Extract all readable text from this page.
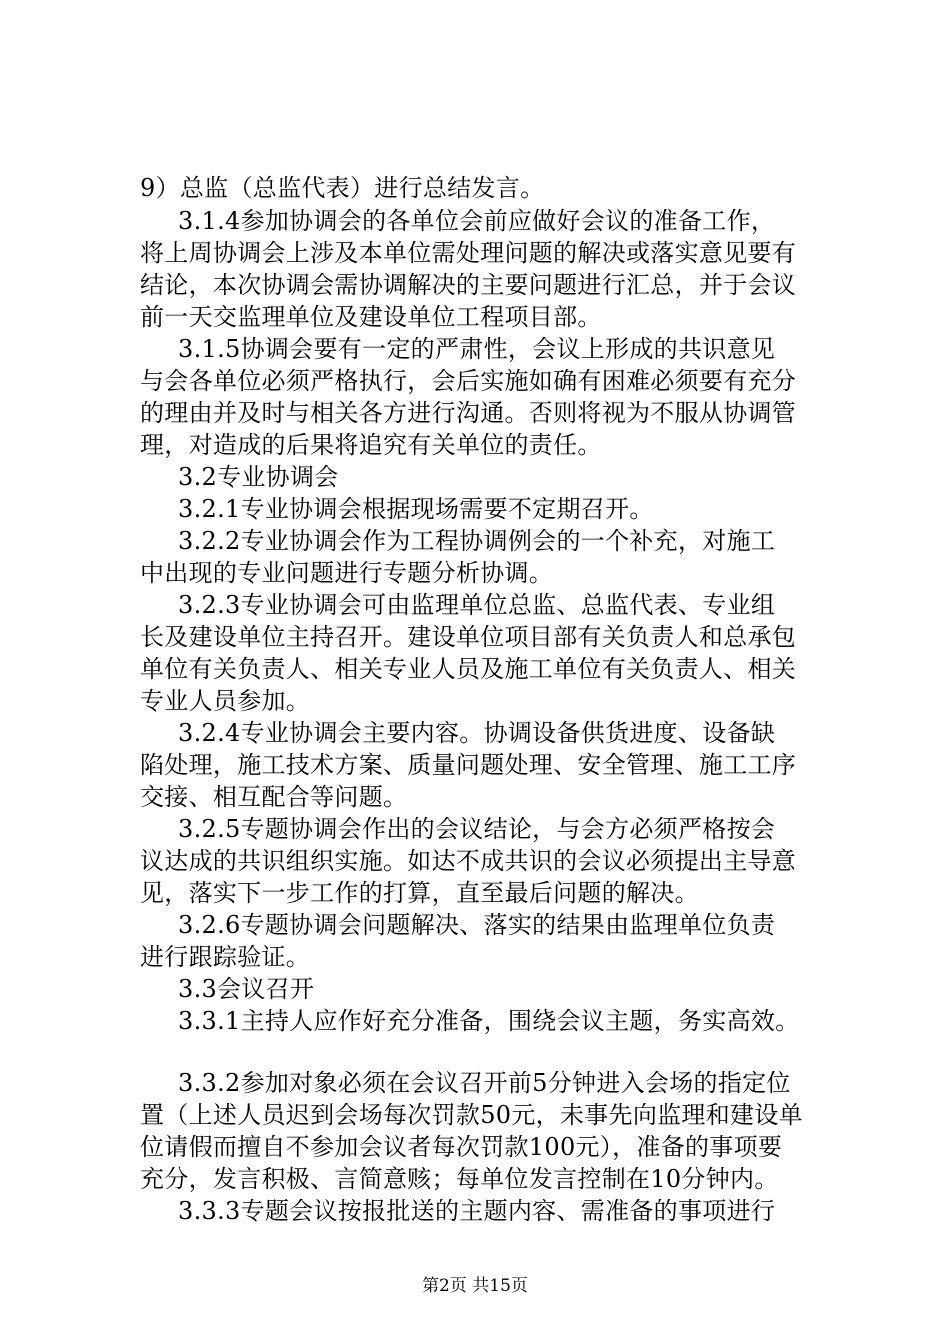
9）总监（总监代表）进行总结发言。
3.1.4参加协调会的各单位会前应做好会议的准备工作，
将上周协调会上涉及本单位需处理问题的解决或落实意见要有
结论，本次协调会需协调解决的主要问题进行汇总，并于会议
前一天交监理单位及建设单位工程项目部。
3.1.5协调会要有一定的严肃性，会议上形成的共识意见
与会各单位必须严格执行，会后实施如确有困难必须要有充分
的理由并及时与相关各方进行沟通。否则将视为不服从协调管
理，对造成的后果将追究有关单位的责任。
3.2专业协调会
3.2.1专业协调会根据现场需要不定期召开。
3.2.2专业协调会作为工程协调例会的一个补充，对施工
中出现的专业问题进行专题分析协调。
3.2.3专业协调会可由监理单位总监、总监代表、专业组
长及建设单位主持召开。建设单位项目部有关负责人和总承包
单位有关负责人、相关专业人员及施工单位有关负责人、相关
专业人员参加。
3.2.4专业协调会主要内容。协调设备供货进度、设备缺
陷处理，施工技术方案、质量问题处理、安全管理、施工工序
交接、相互配合等问题。
3.2.5专题协调会作出的会议结论，与会方必须严格按会
议达成的共识组织实施。如达不成共识的会议必须提出主导意
见，落实下一步工作的打算，直至最后问题的解决。
3.2.6专题协调会问题解决、落实的结果由监理单位负责
进行跟踪验证。
3.3会议召开
3.3.1主持人应作好充分准备，围绕会议主题，务实高效。
3.3.2参加对象必须在会议召开前5分钟进入会场的指定位
置（上述人员迟到会场每次罚款50元，未事先向监理和建设单
位请假而擅自不参加会议者每次罚款100元），准备的事项要
充分，发言积极、言简意赅；每单位发言控制在10分钟内。
3.3.3专题会议按报批送的主题内容、需准备的事项进行
第2页 共15页
